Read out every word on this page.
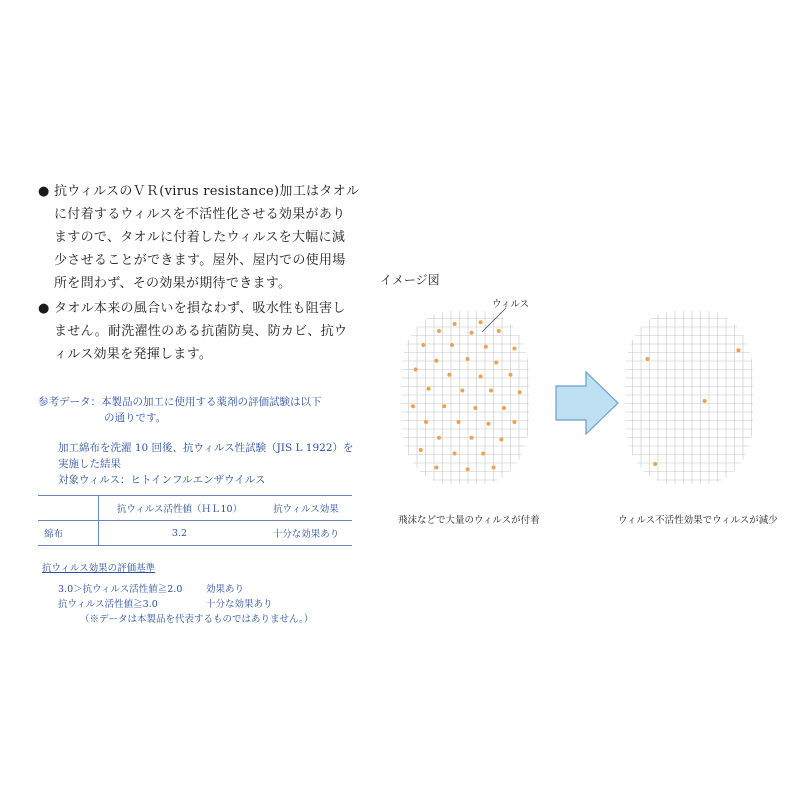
● 抗ウィルスのＶＲ(virus resistance)加工はタオル
に付着するウィルスを不活性化させる効果があり
ますので、タオルに付着したウィルスを大幅に減
少させることができます。屋外、屋内での使用場
所を問わず、その効果が期待できます。
● タオル本来の風合いを損なわず、吸水性も阻害し
ません。耐洗濯性のある抗菌防臭、防カビ、抗ウ
ィルス効果を発揮します。
参考データ：本製品の加工に使用する薬剤の評価試験は以下
の通りです。
加工綿布を洗濯 10 回後、抗ウィルス性試験（JIS L 1922）を
実施した結果
対象ウィルス：ヒトインフルエンザウイルス
	抗ウィルス活性値（ＨＬ10）	抗ウィルス効果
綿布	3.2	十分な効果あり
抗ウィルス効果の評価基準
3.0＞抗ウィルス活性値≧2.0	効果あり
抗ウィルス活性値≧3.0	十分な効果あり
（※データは本製品を代表するものではありません。）
イメージ図
ウィルス
飛沫などで大量のウィルスが付着	ウィルス不活性効果でウィルスが減少
